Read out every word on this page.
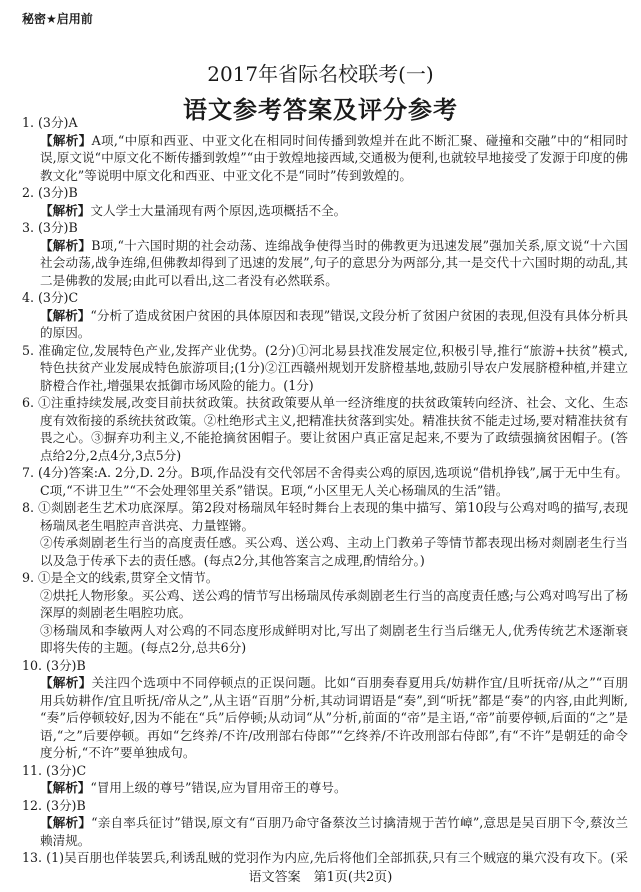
秘密★启用前
2017年省际名校联考(一)
语文参考答案及评分参考
1. (3分)A
【解析】A项,“中原和西亚、中亚文化在相同时间传播到敦煌并在此不断汇聚、碰撞和交融”中的“相同时
误,原文说“中原文化不断传播到敦煌”“由于敦煌地接西域,交通极为便利,也就较早地接受了发源于印度的佛
教文化”等说明中原文化和西亚、中亚文化不是“同时”传到敦煌的。
2. (3分)B
【解析】文人学士大量涌现有两个原因,选项概括不全。
3. (3分)B
【解析】B项,“十六国时期的社会动荡、连绵战争使得当时的佛教更为迅速发展”强加关系,原文说“十六国
社会动荡,战争连绵,但佛教却得到了迅速的发展”,句子的意思分为两部分,其一是交代十六国时期的动乱,其
二是佛教的发展;由此可以看出,这二者没有必然联系。
4. (3分)C
【解析】“分析了造成贫困户贫困的具体原因和表现”错误,文段分析了贫困户贫困的表现,但没有具体分析具
的原因。
5. 准确定位,发展特色产业,发挥产业优势。(2分)①河北易县找准发展定位,积极引导,推行“旅游+扶贫”模式,
特色扶贫产业发展成特色旅游项目;(1分)②江西赣州规划开发脐橙基地,鼓励引导农户发展脐橙种植,并建立
脐橙合作社,增强果农抵御市场风险的能力。(1分)
6. ①注重持续发展,改变目前扶贫政策。扶贫政策要从单一经济维度的扶贫政策转向经济、社会、文化、生态
度有效衔接的系统扶贫政策。②杜绝形式主义,把精准扶贫落到实处。精准扶贫不能走过场,要对精准扶贫有
畏之心。③摒弃功利主义,不能抢摘贫困帽子。要让贫困户真正富足起来,不要为了政绩强摘贫困帽子。(答
点给2分,2点4分,3点5分)
7. (4分)答案:A. 2分,D. 2分。B项,作品没有交代邻居不舍得卖公鸡的原因,选项说“借机挣钱”,属于无中生有。
C项,“不讲卫生”“不会处理邻里关系”错误。E项,“小区里无人关心杨瑞凤的生活”错。
8. ①剡剧老生艺术功底深厚。第2段对杨瑞凤年轻时舞台上表现的集中描写、第10段与公鸡对鸣的描写,表现
杨瑞凤老生唱腔声音洪亮、力量铿锵。
②传承剡剧老生行当的高度责任感。买公鸡、送公鸡、主动上门教弟子等情节都表现出杨对剡剧老生行当
以及急于传承下去的责任感。(每点2分,其他答案言之成理,酌情给分。)
9. ①是全文的线索,贯穿全文情节。
②烘托人物形象。买公鸡、送公鸡的情节写出杨瑞凤传承剡剧老生行当的高度责任感;与公鸡对鸣写出了杨
深厚的剡剧老生唱腔功底。
③杨瑞凤和李敏两人对公鸡的不同态度形成鲜明对比,写出了剡剧老生行当后继无人,优秀传统艺术逐渐衰
即将失传的主题。(每点2分,总共6分)
10. (3分)B
【解析】关注四个选项中不同停顿点的正误问题。比如“百朋奏春夏用兵/妨耕作宜/且听抚帝/从之”“百朋
用兵妨耕作/宜且听抚/帝从之”,从主语“百朋”分析,其动词谓语是“奏”,到“听抚”都是“奏”的内容,由此判断,
“奏”后停顿较好,因为不能在“兵”后停顿;从动词“从”分析,前面的“帝”是主语,“帝”前要停顿,后面的“之”是
语,“之”后要停顿。再如“乞终养/不许/改刑部右侍郎”“乞终养/不许改刑部右侍郎”,有“不许”是朝廷的命令
度分析,“不许”要单独成句。
11. (3分)C
【解析】“冒用上级的尊号”错误,应为冒用帝王的尊号。
12. (3分)B
【解析】“亲自率兵征讨”错误,原文有“百朋乃命守备蔡汝兰讨擒清规于苦竹嶂”,意思是吴百朋下令,蔡汝兰
赖清规。
13. (1)吴百朋也佯装罢兵,利诱乱贼的党羽作为内应,先后将他们全部抓获,只有三个贼寇的巢穴没有攻下。(采
语文答案　第1页(共2页)
